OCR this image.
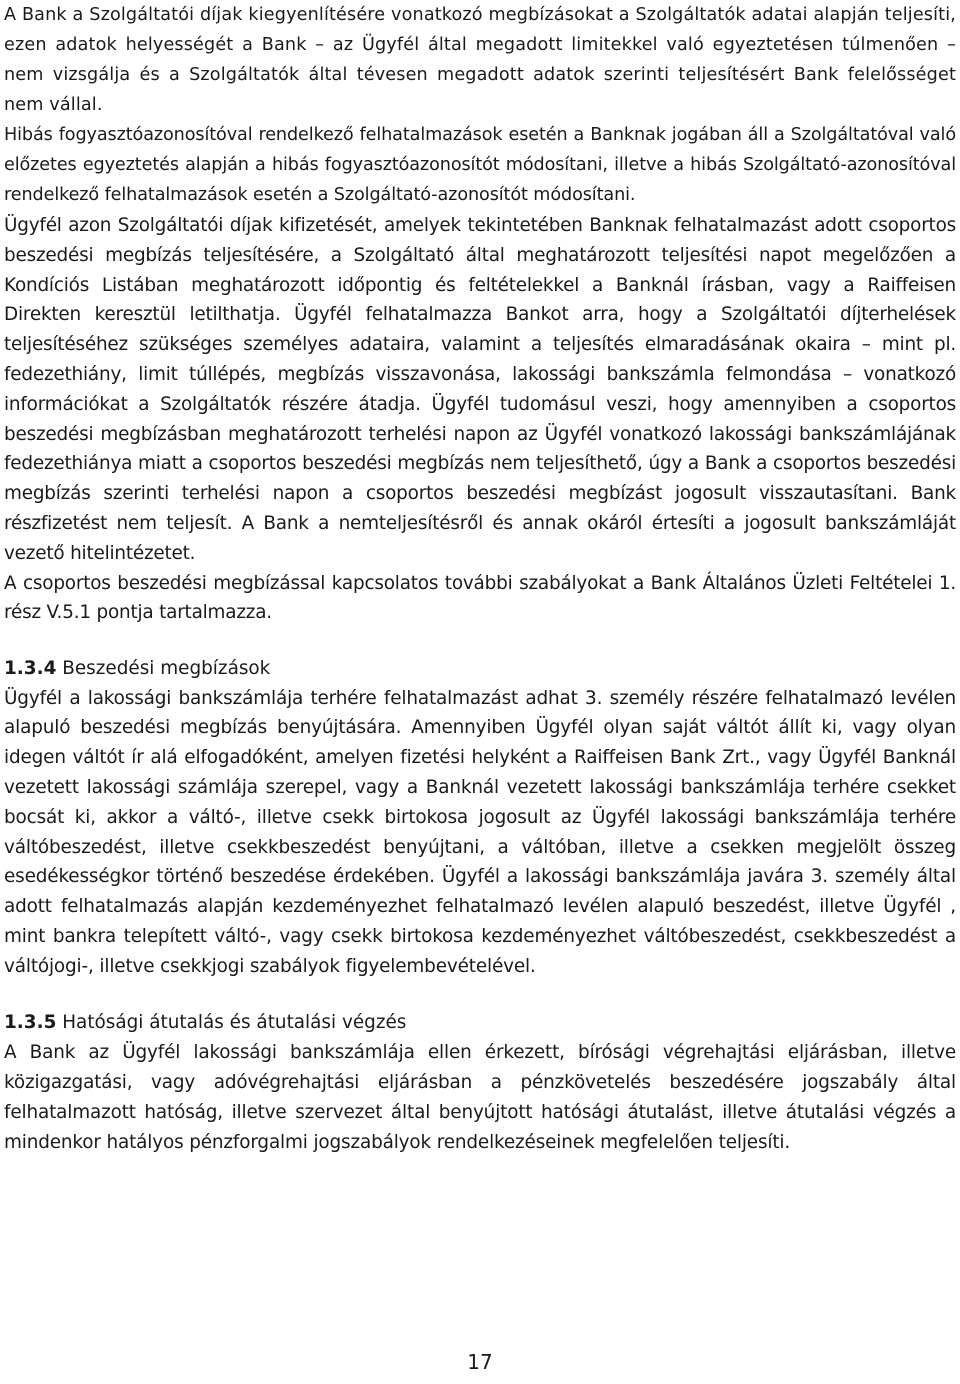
A Bank a Szolgáltatói díjak kiegyenlítésére vonatkozó megbízásokat a Szolgáltatók adatai alapján teljesíti, ezen adatok helyességét a Bank – az Ügyfél által megadott limitekkel való egyeztetésen túlmenően – nem vizsgálja és a Szolgáltatók által tévesen megadott adatok szerinti teljesítésért Bank felelősséget nem vállal.

Hibás fogyasztóazonosítóval rendelkező felhatalmazások esetén a Banknak jogában áll a Szolgáltatóval való előzetes egyeztetés alapján a hibás fogyasztóazonosítót módosítani, illetve a hibás Szolgáltató-azonosítóval rendelkező felhatalmazások esetén a Szolgáltató-azonosítót módosítani.

Ügyfél azon Szolgáltatói díjak kifizetését, amelyek tekintetében Banknak felhatalmazást adott csoportos beszedési megbízás teljesítésére, a Szolgáltató által meghatározott teljesítési napot megelőzően a Kondíciós Listában meghatározott időpontig és feltételekkel a Banknál írásban, vagy a Raiffeisen Direkten keresztül letilthatja. Ügyfél felhatalmazza Bankot arra, hogy a Szolgáltatói díjterhelések teljesítéséhez szükséges személyes adataira, valamint a teljesítés elmaradásának okaira – mint pl. fedezethiány, limit túllépés, megbízás visszavonása, lakossági bankszámla felmondása – vonatkozó információkat a Szolgáltatók részére átadja. Ügyfél tudomásul veszi, hogy amennyiben a csoportos beszedési megbízásban meghatározott terhelési napon az Ügyfél vonatkozó lakossági bankszámlájának fedezethiánya miatt a csoportos beszedési megbízás nem teljesíthető, úgy a Bank a csoportos beszedési megbízás szerinti terhelési napon a csoportos beszedési megbízást jogosult visszautasítani. Bank részfizetést nem teljesít. A Bank a nemteljesítésről és annak okáról értesíti a jogosult bankszámláját vezető hitelintézetet.

A csoportos beszedési megbízással kapcsolatos további szabályokat a Bank Általános Üzleti Feltételei 1. rész V.5.1 pontja tartalmazza.

1.3.4 Beszedési megbízások

Ügyfél a lakossági bankszámlája terhére felhatalmazást adhat 3. személy részére felhatalmazó levélen alapuló beszedési megbízás benyújtására. Amennyiben Ügyfél olyan saját váltót állít ki, vagy olyan idegen váltót ír alá elfogadóként, amelyen fizetési helyként a Raiffeisen Bank Zrt., vagy Ügyfél Banknál vezetett lakossági számlája szerepel, vagy a Banknál vezetett lakossági bankszámlája terhére csekket bocsát ki, akkor a váltó-, illetve csekk birtokosa jogosult az Ügyfél lakossági bankszámlája terhére váltóbeszedést, illetve csekkbeszedést benyújtani, a váltóban, illetve a csekken megjelölt összeg esedékességkor történő beszedése érdekében. Ügyfél a lakossági bankszámlája javára 3. személy által adott felhatalmazás alapján kezdeményezhet felhatalmazó levélen alapuló beszedést, illetve Ügyfél , mint bankra telepített váltó-, vagy csekk birtokosa kezdeményezhet váltóbeszedést, csekkbeszedést a váltójogi-, illetve csekkjogi szabályok figyelembevételével.

1.3.5 Hatósági átutalás és átutalási végzés

A Bank az Ügyfél lakossági bankszámlája ellen érkezett, bírósági végrehajtási eljárásban, illetve közigazgatási, vagy adóvégrehajtási eljárásban a pénzkövetelés beszedésére jogszabály által felhatalmazott hatóság, illetve szervezet által benyújtott hatósági átutalást, illetve átutalási végzés a mindenkor hatályos pénzforgalmi jogszabályok rendelkezéseinek megfelelően teljesíti.

17
